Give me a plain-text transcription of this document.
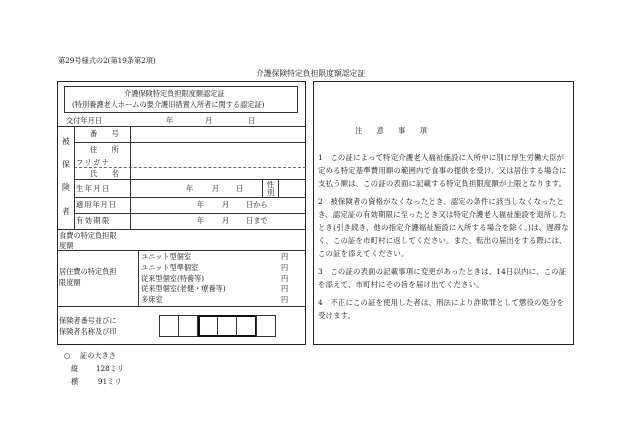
第29号様式の2(第19条第2項)
介護保険特定負担限度額認定証
介護保険特定負担限度額認定証
(特別養護老人ホームの要介護旧措置入所者に関する認定証)
交付年月日	年	月	日
被
保
険
者
番　　号
住　　所
フリガナ
氏　　名
生年月日	年	月 日	性
別
適用年月日	年 月 日から
有効期限	年 月 日まで
食費の特定負担限
度額
居住費の特定負担
限度額
ユニット型個室	円
ユニット型準個室	円
従来型個室(特養等)	円
従来型個室(老健・療養等)	円
多床室	円
保険者番号並びに
保険者名称及び印
○ 証の大きさ
縦 128ミリ
横	91ミリ
注　　意　　事　　項

1　この証によって特定介護老人福祉施設に入所中に別に厚生労働大臣が定める特定基準費用額の範囲内で食事の提供を受け、又は居住する場合に支払う額は、この証の表面に記載する特定負担限度額が上限となります。

2　被保険者の資格がなくなったとき、認定の条件に該当しなくなったとき、認定証の有効期限に至ったとき又は特定介護老人福祉施設を退所したとき(引き続き、他の指定介護福祉施設に入所する場合を除く。)は、遅滞なく、この証を市町村に返してください。また、転出の届出をする際には、この証を添えてください。

3　この証の表面の記載事項に変更があったときは、14日以内に、この証を添えて、市町村にその旨を届け出てください。

4　不正にこの証を使用した者は、刑法により詐欺罪として懲役の処分を受けます。
